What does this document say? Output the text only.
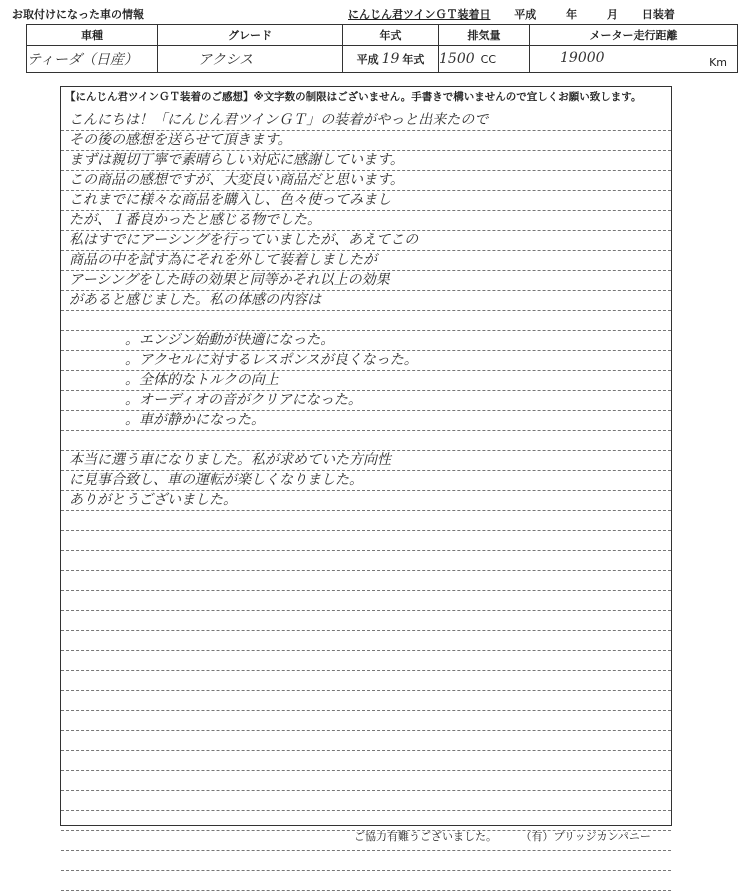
お取付けになった車の情報	にんじん君ツインＧＴ装着日 平成	年	月 日装着
車種	グレード	年式	排気量	メーター走行距離
ティーダ（日産）	アクシス	平成 19 年式	1500 CC	19000 Km
【にんじん君ツインＧＴ装着のご感想】※文字数の制限はございません。手書きで構いませんので宜しくお願い致します。
こんにちは！「にんじん君ツインＧＴ」の装着がやっと出来たので
その後の感想を送らせて頂きます。
まずは親切丁寧で素晴らしい対応に感謝しています。
この商品の感想ですが、大変良い商品だと思います。
これまでに様々な商品を購入し、色々使ってみまし
たが、１番良かったと感じる物でした。
私はすでにアーシングを行っていましたが、あえてこの
商品の中を試す為にそれを外して装着しましたが
アーシングをした時の効果と同等かそれ以上の効果
があると感じました。私の体感の内容は
。エンジン始動が快適になった。
。アクセルに対するレスポンスが良くなった。
。全体的なトルクの向上
。オーディオの音がクリアになった。
。車が静かになった。
本当に選う車になりました。私が求めていた方向性
に見事合致し、車の運転が楽しくなりました。
ありがとうございました。
ご協力有難うございました。 （有）ブリッジカンパニー
